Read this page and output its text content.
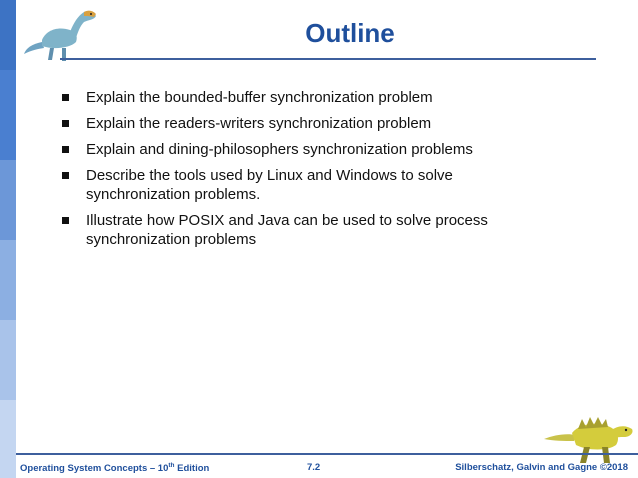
Outline
Explain the bounded-buffer synchronization problem
Explain the readers-writers synchronization problem
Explain and dining-philosophers synchronization problems
Describe the tools used by Linux and Windows to solve synchronization problems.
Illustrate how POSIX and Java can be used to solve process synchronization problems
Operating System Concepts – 10th Edition	7.2	Silberschatz, Galvin and Gagne ©2018
